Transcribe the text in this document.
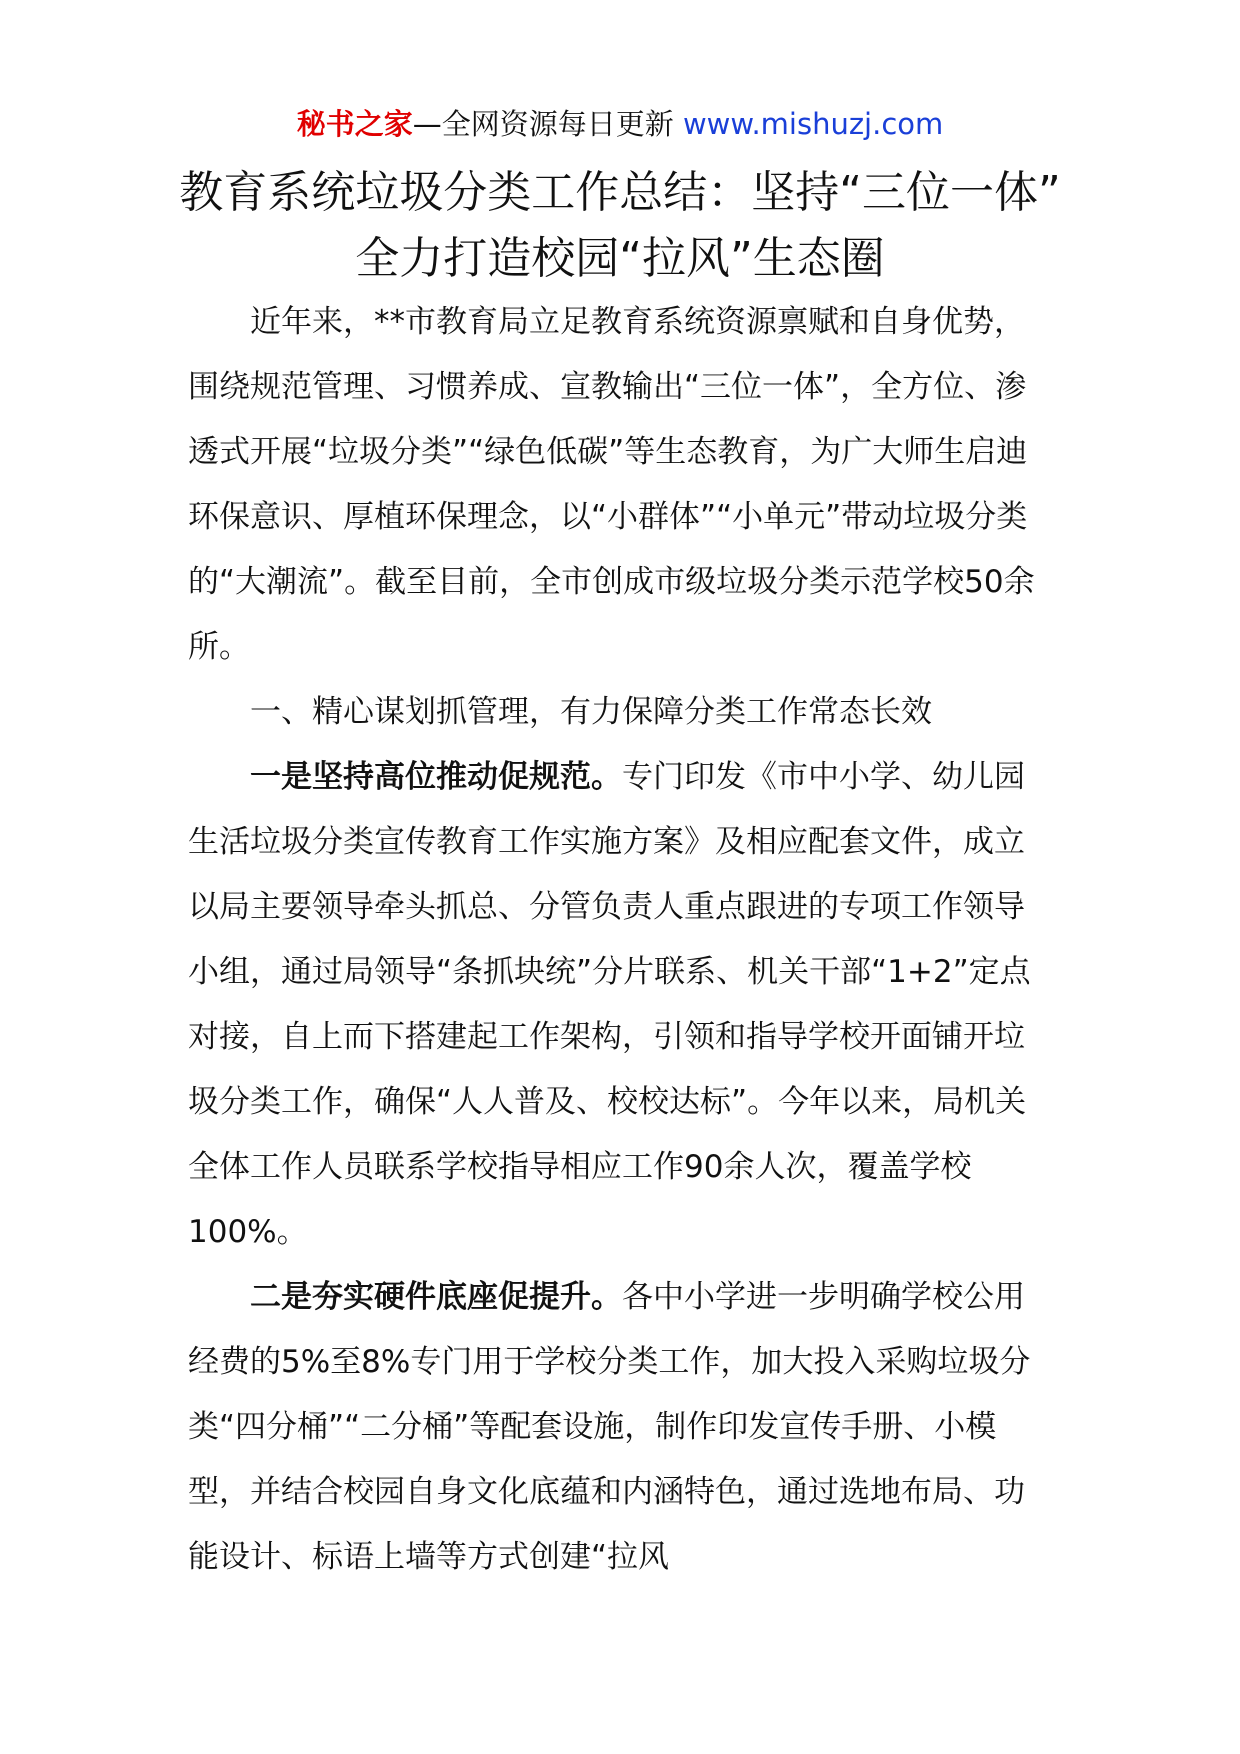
秘书之家—全网资源每日更新 www.mishuzj.com
教育系统垃圾分类工作总结：坚持“三位一体” 全力打造校园“拉风”生态圈

近年来，**市教育局立足教育系统资源禀赋和自身优势，围绕规范管理、习惯养成、宣教输出“三位一体”，全方位、渗透式开展“垃圾分类”“绿色低碳”等生态教育，为广大师生启迪环保意识、厚植环保理念，以“小群体”“小单元”带动垃圾分类的“大潮流”。截至目前，全市创成市级垃圾分类示范学校50余所。

一、精心谋划抓管理，有力保障分类工作常态长效

一是坚持高位推动促规范。专门印发《市中小学、幼儿园生活垃圾分类宣传教育工作实施方案》及相应配套文件，成立以局主要领导牵头抓总、分管负责人重点跟进的专项工作领导小组，通过局领导“条抓块统”分片联系、机关干部“1+2”定点对接，自上而下搭建起工作架构，引领和指导学校开面铺开垃圾分类工作，确保“人人普及、校校达标”。今年以来，局机关全体工作人员联系学校指导相应工作90余人次，覆盖学校100%。

二是夯实硬件底座促提升。各中小学进一步明确学校公用经费的5%至8%专门用于学校分类工作，加大投入采购垃圾分类“四分桶”“二分桶”等配套设施，制作印发宣传手册、小模型，并结合校园自身文化底蕴和内涵特色，通过选地布局、功能设计、标语上墙等方式创建“拉风
